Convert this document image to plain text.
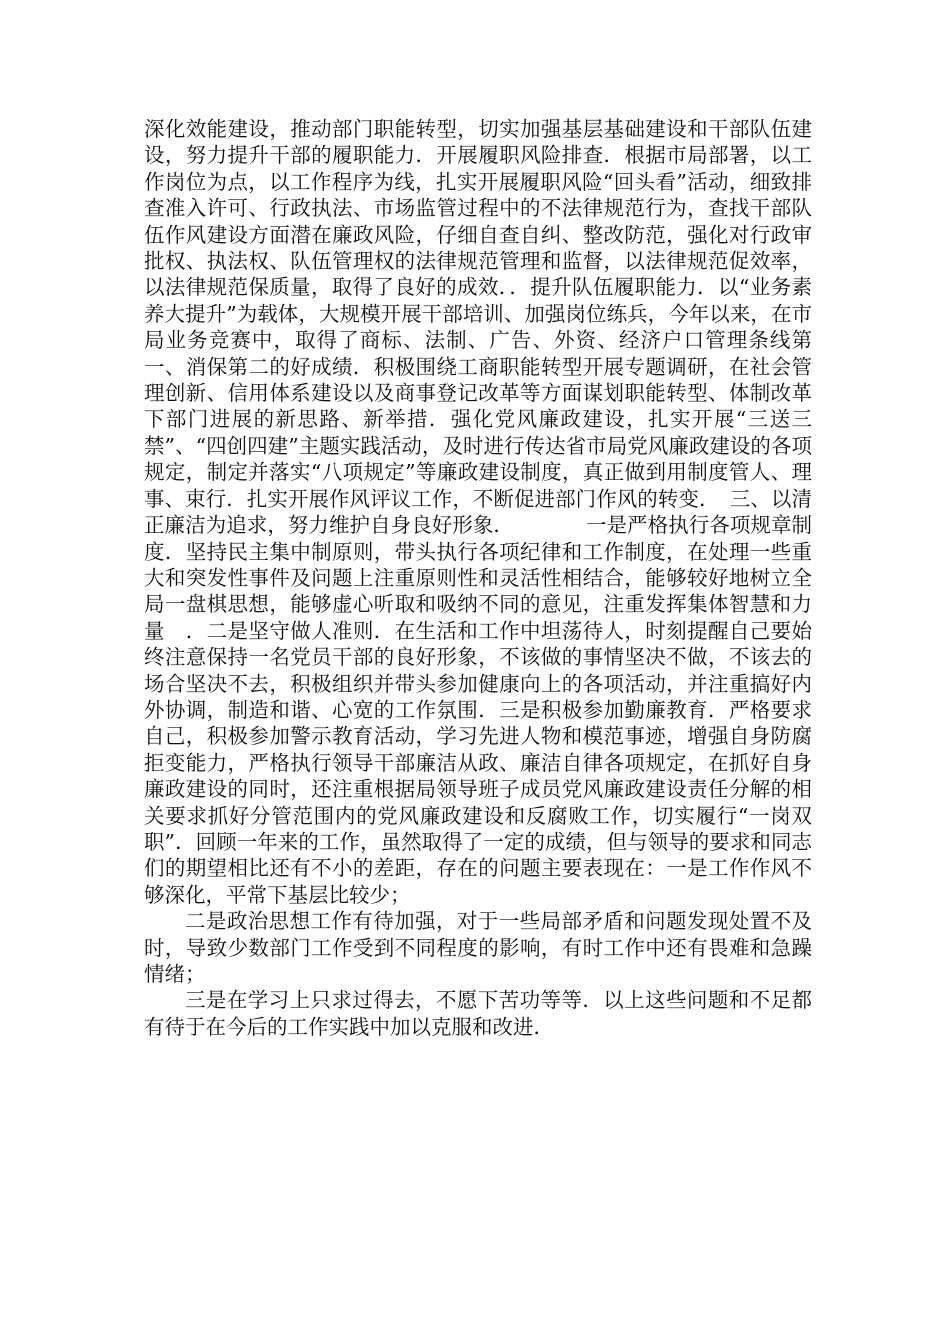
深化效能建设，推动部门职能转型，切实加强基层基础建设和干部队伍建设，努力提升干部的履职能力．开展履职风险排查．根据市局部署，以工作岗位为点，以工作程序为线，扎实开展履职风险“回头看”活动，细致排查准入许可、行政执法、市场监管过程中的不法律规范行为，查找干部队伍作风建设方面潜在廉政风险，仔细自查自纠、整改防范，强化对行政审批权、执法权、队伍管理权的法律规范管理和监督，以法律规范促效率，以法律规范保质量，取得了良好的成效．．提升队伍履职能力．以“业务素养大提升”为载体，大规模开展干部培训、加强岗位练兵，今年以来，在市局业务竞赛中，取得了商标、法制、广告、外资、经济户口管理条线第一、消保第二的好成绩．积极围绕工商职能转型开展专题调研，在社会管理创新、信用体系建设以及商事登记改革等方面谋划职能转型、体制改革下部门进展的新思路、新举措．强化党风廉政建设，扎实开展“三送三禁”、“四创四建”主题实践活动，及时进行传达省市局党风廉政建设的各项规定，制定并落实“八项规定”等廉政建设制度，真正做到用制度管人、理事、束行．扎实开展作风评议工作，不断促进部门作风的转变．　三、以清正廉洁为追求，努力维护自身良好形象．　　　　一是严格执行各项规章制度．坚持民主集中制原则，带头执行各项纪律和工作制度，在处理一些重大和突发性事件及问题上注重原则性和灵活性相结合，能够较好地树立全局一盘棋思想，能够虚心听取和吸纳不同的意见，注重发挥集体智慧和力量　．二是坚守做人准则．在生活和工作中坦荡待人，时刻提醒自己要始终注意保持一名党员干部的良好形象，不该做的事情坚决不做，不该去的场合坚决不去，积极组织并带头参加健康向上的各项活动，并注重搞好内外协调，制造和谐、心宽的工作氛围．三是积极参加勤廉教育．严格要求自己，积极参加警示教育活动，学习先进人物和模范事迹，增强自身防腐拒变能力，严格执行领导干部廉洁从政、廉洁自律各项规定，在抓好自身廉政建设的同时，还注重根据局领导班子成员党风廉政建设责任分解的相关要求抓好分管范围内的党风廉政建设和反腐败工作，切实履行“一岗双职”．回顾一年来的工作，虽然取得了一定的成绩，但与领导的要求和同志们的期望相比还有不小的差距，存在的问题主要表现在：一是工作作风不够深化，平常下基层比较少；

二是政治思想工作有待加强，对于一些局部矛盾和问题发现处置不及时，导致少数部门工作受到不同程度的影响，有时工作中还有畏难和急躁情绪；

三是在学习上只求过得去，不愿下苦功等等．以上这些问题和不足都有待于在今后的工作实践中加以克服和改进．
